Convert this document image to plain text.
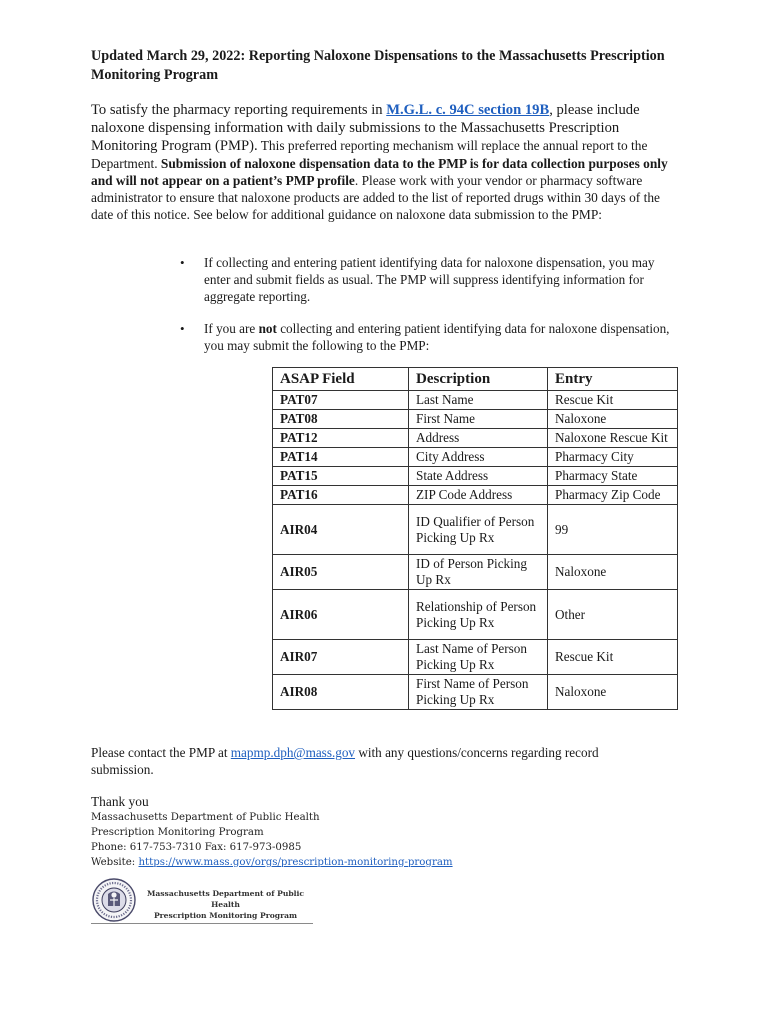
Updated March 29, 2022: Reporting Naloxone Dispensations to the Massachusetts Prescription Monitoring Program
To satisfy the pharmacy reporting requirements in M.G.L. c. 94C section 19B, please include naloxone dispensing information with daily submissions to the Massachusetts Prescription Monitoring Program (PMP). This preferred reporting mechanism will replace the annual report to the Department. Submission of naloxone dispensation data to the PMP is for data collection purposes only and will not appear on a patient’s PMP profile. Please work with your vendor or pharmacy software administrator to ensure that naloxone products are added to the list of reported drugs within 30 days of the date of this notice. See below for additional guidance on naloxone data submission to the PMP:
• If collecting and entering patient identifying data for naloxone dispensation, you may enter and submit fields as usual. The PMP will suppress identifying information for aggregate reporting.
• If you are not collecting and entering patient identifying data for naloxone dispensation, you may submit the following to the PMP:
ASAP Field	Description	Entry
PAT07	Last Name	Rescue Kit
PAT08	First Name	Naloxone
PAT12	Address	Naloxone Rescue Kit
PAT14	City Address	Pharmacy City
PAT15	State Address	Pharmacy State
PAT16	ZIP Code Address	Pharmacy Zip Code
AIR04	ID Qualifier of Person Picking Up Rx	99
AIR05	ID of Person Picking Up Rx	Naloxone
AIR06	Relationship of Person Picking Up Rx	Other
AIR07	Last Name of Person Picking Up Rx	Rescue Kit
AIR08	First Name of Person Picking Up Rx	Naloxone
Please contact the PMP at mapmp.dph@mass.gov with any questions/concerns regarding record submission.
Thank you
Massachusetts Department of Public Health
Prescription Monitoring Program
Phone: 617-753-7310 Fax: 617-973-0985
Website: https://www.mass.gov/orgs/prescription-monitoring-program
Massachusetts Department of Public Health
Prescription Monitoring Program
